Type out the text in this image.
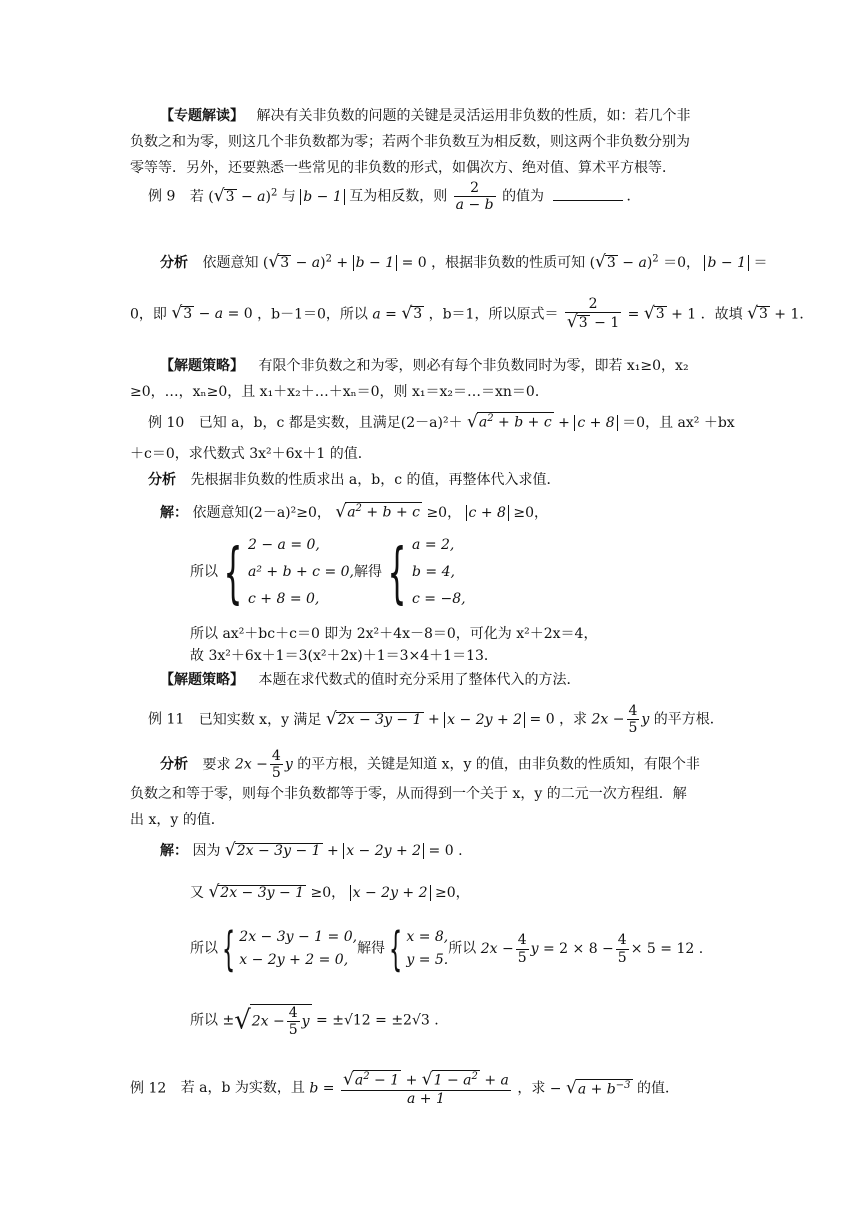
【专题解读】 解决有关非负数的问题的关键是灵活运用非负数的性质，如：若几个非
负数之和为零，则这几个非负数都为零；若两个非负数互为相反数，则这两个非负数分别为
零等等．另外，还要熟悉一些常见的非负数的形式，如偶次方、绝对值、算术平方根等．
例 9 若 $(√3 - a)^2$ 与 b − 1 互为相反数，则 $\frac{2}{a - b}$ 的值为	．
分析 依题意知 $(√3 - a)^2 + b - 1 = 0$ ，根据非负数的性质可知 $(√3 - a)^2 =0$， b − 1 ＝
0，即 √3 − a = 0 ，b－1＝0，所以 a = √3 ，b＝1，所以原式＝ $\frac{2}{√3 - 1} = √3 + 1$ ．故填 √3 + 1．
【解题策略】 有限个非负数之和为零，则必有每个非负数同时为零，即若 x₁≥0，x₂
≥0，…，xₙ≥0，且 x₁＋x₂＋…＋xₙ＝0，则 x₁＝x₂＝…＝xn＝0．
例 10 已知 a，b，c 都是实数，且满足$(2-a)^2+ √a^2 + b + c + c + 8 =0$，且 ax² ＋bx
＋c＝0，求代数式 3x²＋6x＋1 的值．
分析 先根据非负数的性质求出 a，b，c 的值，再整体代入求值．
解： 依题意知(2－a)²≥0， $√a^2 + b + c \ge 0$， c + 8 ≥0，
所以{ 2 − a = 0,
a² + b + c = 0,
c + 8 = 0,
解得{ a = 2,
b = 4,
c = −8,
所以 ax²＋bc＋c＝0 即为 2x²＋4x－8＝0，可化为 x²＋2x＝4，
故 3x²＋6x＋1＝3(x²＋2x)＋1＝3×4＋1＝13．
【解题策略】 本题在求代数式的值时充分采用了整体代入的方法．
例 11 已知实数 x，y 满足 √2x − 3y − 1 + x − 2y + 2 = 0 ，求 $2x - \frac{4}{5}$ y 的平方根．
分析 要求 $2x - \frac{4}{5}$ y 的平方根，关键是知道 x，y 的值，由非负数的性质知，有限个非
负数之和等于零，则每个非负数都等于零，从而得到一个关于 x，y 的二元一次方程组．解
出 x，y 的值．
解： 因为 √2x − 3y − 1 + x − 2y + 2 = 0 .
又 √2x − 3y − 1 ≥0， x − 2y + 2 ≥0，
所以{ 2x − 3y − 1 = 0,
x − 2y + 2 = 0,
解得{ x = 8,
y = 5.
所以 $2x - \frac{4}{5}$ $y = 2 \times 8 - \frac{4}{5} \times 5 = 12$ .
所以 $\pm√2x - \frac{4}{5}$ y = ±√12 = ±2√3 .
例 12 若 a，b 为实数，且 $b = \frac{√a^2 - 1 + √1 - a^2 + a}{a + 1}$ ，求 − $√a + b^{-3}$ 的值．
